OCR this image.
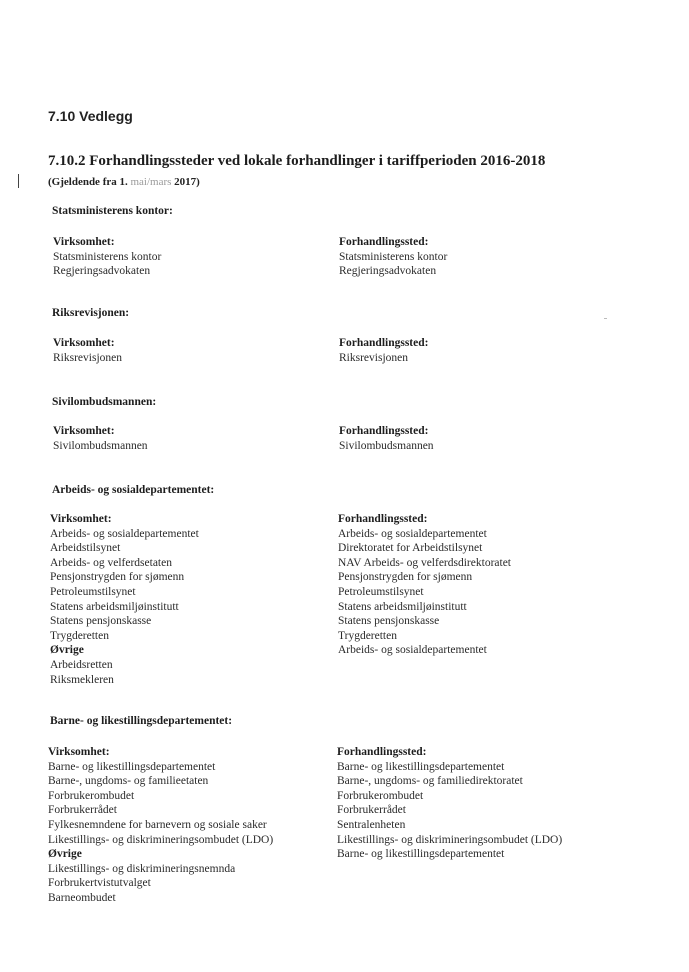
7.10 Vedlegg
7.10.2 Forhandlingssteder ved lokale forhandlinger i tariffperioden 2016-2018
(Gjeldende fra 1. mai/mars 2017)
Statsministerens kontor:
Virksomhet:
Statsministerens kontor
Regjeringsadvokaten
Forhandlingssted:
Statsministerens kontor
Regjeringsadvokaten
Riksrevisjonen:
Virksomhet:
Riksrevisjonen
Forhandlingssted:
Riksrevisjonen
Sivilombudsmannen:
Virksomhet:
Sivilombudsmannen
Forhandlingssted:
Sivilombudsmannen
Arbeids- og sosialdepartementet:
Virksomhet:
Arbeids- og sosialdepartementet
Arbeidstilsynet
Arbeids- og velferdsetaten
Pensjonstrygden for sjømenn
Petroleumstilsynet
Statens arbeidsmiljøinstitutt
Statens pensjonskasse
Trygderetten
Øvrige
Arbeidsretten
Riksmekleren
Forhandlingssted:
Arbeids- og sosialdepartementet
Direktoratet for Arbeidstilsynet
NAV Arbeids- og velferdsdirektoratet
Pensjonstrygden for sjømenn
Petroleumstilsynet
Statens arbeidsmiljøinstitutt
Statens pensjonskasse
Trygderetten
Arbeids- og sosialdepartementet
Barne- og likestillingsdepartementet:
Virksomhet:
Barne- og likestillingsdepartementet
Barne-, ungdoms- og familieetaten
Forbrukerombudet
Forbrukerrådet
Fylkesnemndene for barnevern og sosiale saker
Likestillings- og diskrimineringsombudet (LDO)
Øvrige
Likestillings- og diskrimineringsnemnda
Forbrukertvistutvalget
Barneombudet
Forhandlingssted:
Barne- og likestillingsdepartementet
Barne-, ungdoms- og familiedirektoratet
Forbrukerombudet
Forbrukerrådet
Sentralenheten
Likestillings- og diskrimineringsombudet (LDO)
Barne- og likestillingsdepartementet
